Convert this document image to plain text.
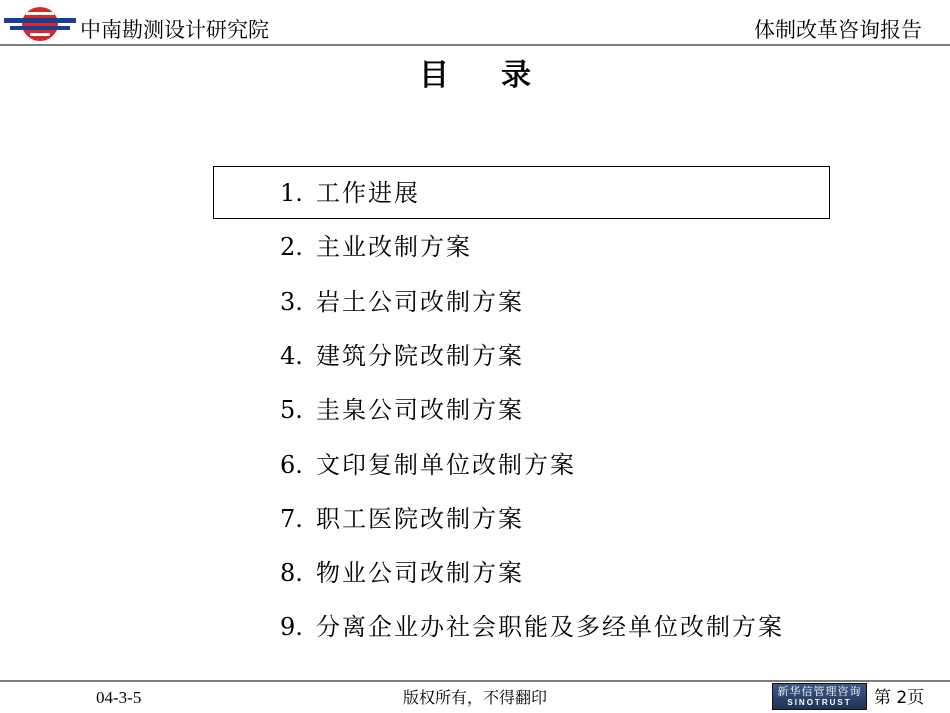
中南勘测设计研究院	体制改革咨询报告
目录
1. 工作进展
2. 主业改制方案
3. 岩土公司改制方案
4. 建筑分院改制方案
5. 圭臬公司改制方案
6. 文印复制单位改制方案
7. 职工医院改制方案
8. 物业公司改制方案
9. 分离企业办社会职能及多经单位改制方案
04-3-5	版权所有，不得翻印	新华信管理咨询
SINOTRUST	第 2页
